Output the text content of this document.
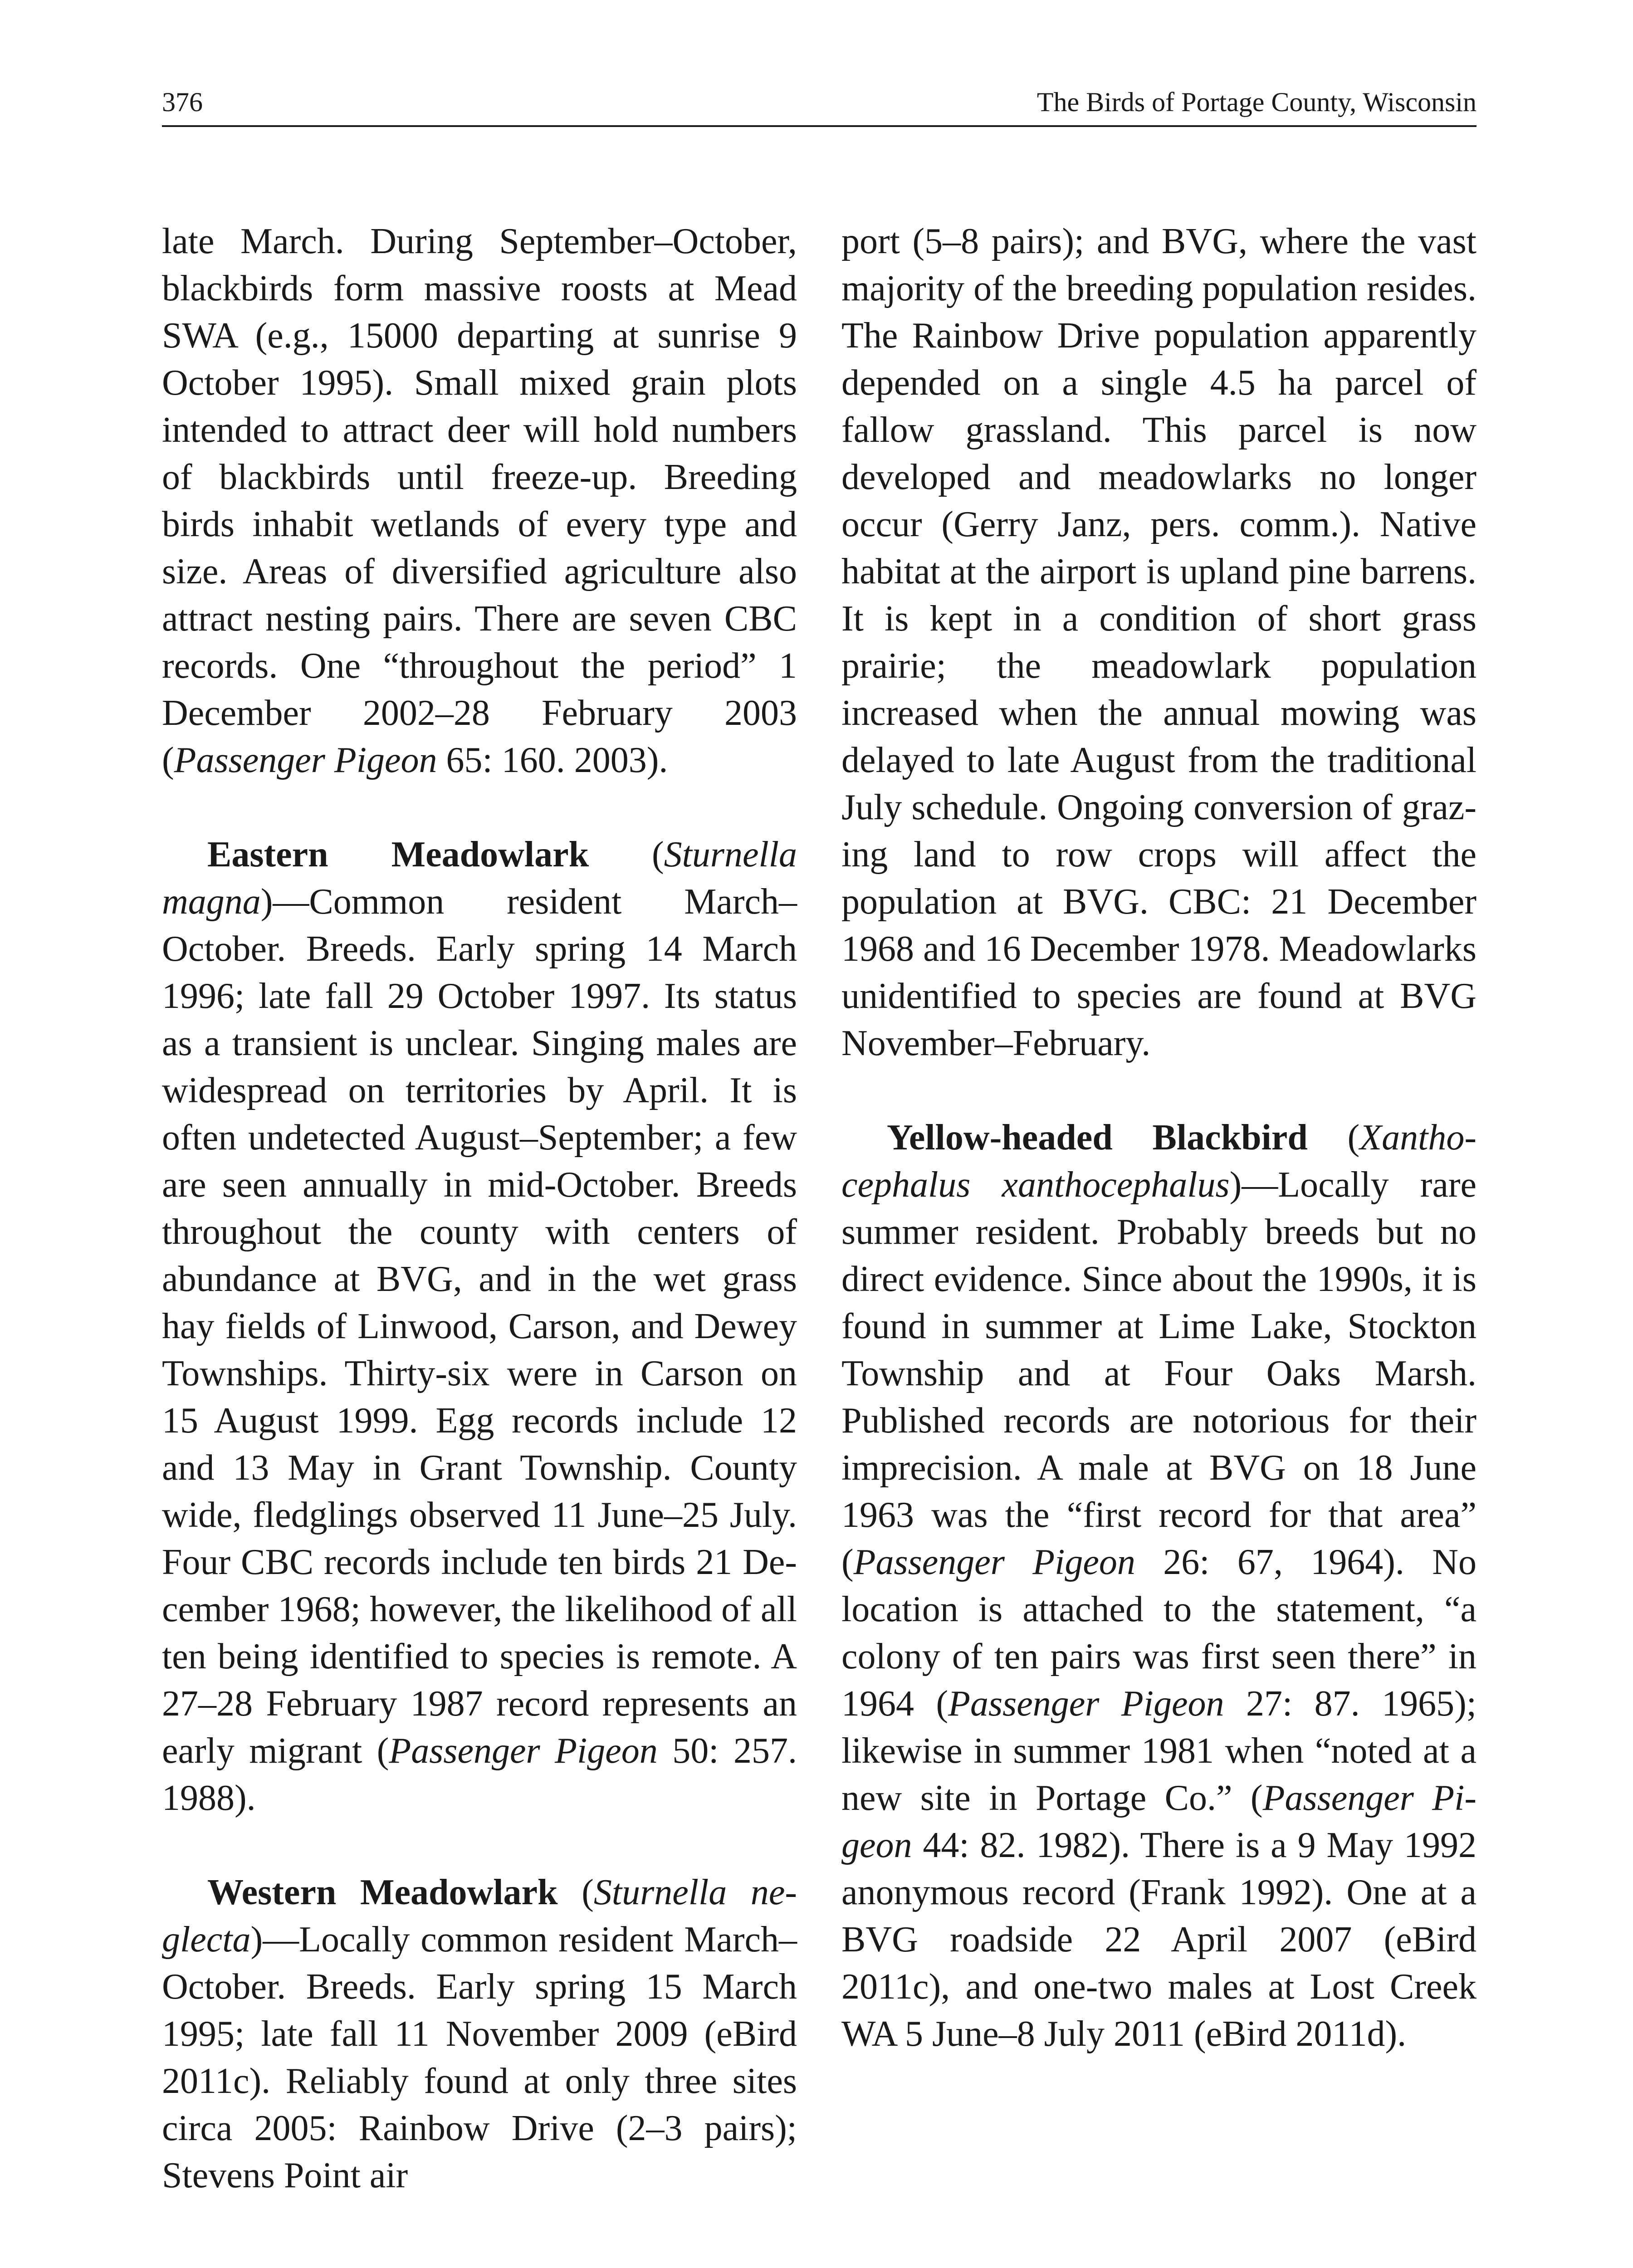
376	The Birds of Portage County, Wisconsin

late March. During September–October, blackbirds form massive roosts at Mead SWA (e.g., 15000 departing at sunrise 9 October 1995). Small mixed grain plots intended to attract deer will hold numbers of blackbirds until freeze-up. Breeding birds inhabit wetlands of every type and size. Areas of diversified agriculture also attract nesting pairs. There are seven CBC records. One “throughout the period” 1 December 2002–28 February 2003 (Passenger Pigeon 65: 160. 2003).

Eastern Meadowlark (Sturnella magna)—Common resident March–October. Breeds. Early spring 14 March 1996; late fall 29 October 1997. Its status as a transient is unclear. Singing males are widespread on territories by April. It is often undetected August–September; a few are seen annually in mid-October. Breeds throughout the county with centers of abundance at BVG, and in the wet grass hay fields of Linwood, Carson, and Dewey Townships. Thirty-six were in Carson on 15 August 1999. Egg records include 12 and 13 May in Grant Township. County wide, fledglings observed 11 June–25 July. Four CBC records include ten birds 21 December 1968; however, the likelihood of all ten being identified to species is remote. A 27–28 February 1987 record represents an early migrant (Passenger Pigeon 50: 257. 1988).

Western Meadowlark (Sturnella neglecta)—Locally common resident March–October. Breeds. Early spring 15 March 1995; late fall 11 November 2009 (eBird 2011c). Reliably found at only three sites circa 2005: Rainbow Drive (2–3 pairs); Stevens Point air

port (5–8 pairs); and BVG, where the vast majority of the breeding population resides. The Rainbow Drive population apparently depended on a single 4.5 ha parcel of fallow grassland. This parcel is now developed and meadowlarks no longer occur (Gerry Janz, pers. comm.). Native habitat at the airport is upland pine barrens. It is kept in a condition of short grass prairie; the meadowlark population increased when the annual mowing was delayed to late August from the traditional July schedule. Ongoing conversion of grazing land to row crops will affect the population at BVG. CBC: 21 December 1968 and 16 December 1978. Meadowlarks unidentified to species are found at BVG November–February.

Yellow-headed Blackbird (Xanthocephalus xanthocephalus)—Locally rare summer resident. Probably breeds but no direct evidence. Since about the 1990s, it is found in summer at Lime Lake, Stockton Township and at Four Oaks Marsh. Published records are notorious for their imprecision. A male at BVG on 18 June 1963 was the “first record for that area” (Passenger Pigeon 26: 67, 1964). No location is attached to the statement, “a colony of ten pairs was first seen there” in 1964 (Passenger Pigeon 27: 87. 1965); likewise in summer 1981 when “noted at a new site in Portage Co.” (Passenger Pigeon 44: 82. 1982). There is a 9 May 1992 anonymous record (Frank 1992). One at a BVG roadside 22 April 2007 (eBird 2011c), and one-two males at Lost Creek WA 5 June–8 July 2011 (eBird 2011d).
